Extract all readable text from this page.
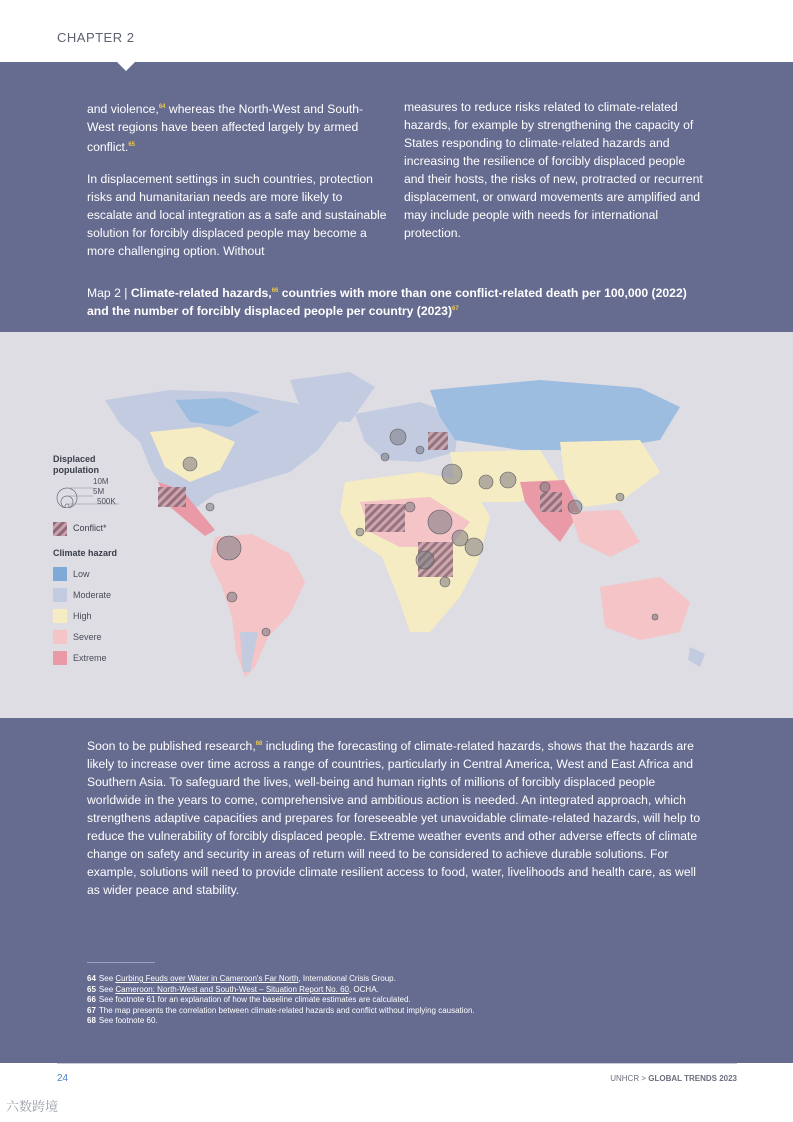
CHAPTER 2

and violence,$^{64}$ whereas the North-West and South-West regions have been affected largely by armed conflict.$^{65}$

In displacement settings in such countries, protection risks and humanitarian needs are more likely to escalate and local integration as a safe and sustainable solution for forcibly displaced people may become a more challenging option. Without

measures to reduce risks related to climate-related hazards, for example by strengthening the capacity of States responding to climate-related hazards and increasing the resilience of forcibly displaced people and their hosts, the risks of new, protracted or recurrent displacement, or onward movements are amplified and may include people with needs for international protection.

Map 2 | Climate-related hazards,$^{66}$ countries with more than one conflict-related death per 100,000 (2022) and the number of forcibly displaced people per country (2023)$^{67}$
Displaced population
10M
5M
500K
Conflict*
Climate hazard
Low
Moderate
High
Severe
Extreme
Soon to be published research,$^{68}$ including the forecasting of climate-related hazards, shows that the hazards are likely to increase over time across a range of countries, particularly in Central America, West and East Africa and Southern Asia. To safeguard the lives, well-being and human rights of millions of forcibly displaced people worldwide in the years to come, comprehensive and ambitious action is needed. An integrated approach, which strengthens adaptive capacities and prepares for foreseeable yet unavoidable climate-related hazards, will help to reduce the vulnerability of forcibly displaced people. Extreme weather events and other adverse effects of climate change on safety and security in areas of return will need to be considered to achieve durable solutions. For example, solutions will need to provide climate resilient access to food, water, livelihoods and health care, as well as wider peace and stability.
64 See Curbing Feuds over Water in Cameroon's Far North, International Crisis Group.
65 See Cameroon: North-West and South-West – Situation Report No. 60, OCHA.
66 See footnote 61 for an explanation of how the baseline climate estimates are calculated.
67 The map presents the correlation between climate-related hazards and conflict without implying causation.
68 See footnote 60.
24	UNHCR > GLOBAL TRENDS 2023
六数跨境
